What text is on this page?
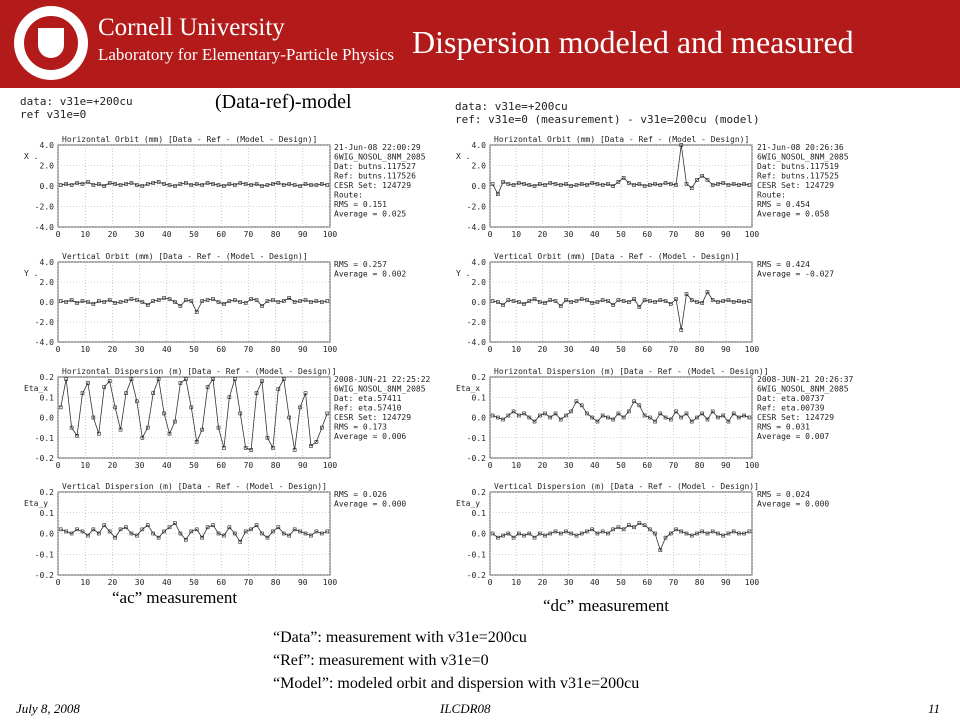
Cornell University
Laboratory for Elementary-Particle Physics Dispersion modeled and measured
data: v31e=+200cu
ref v31e=0
(Data-ref)-model	data: v31e=+200cu
ref: v31e=0 (measurement) - v31e=200cu (model)
Horizontal Orbit (mm) [Data - Ref - (Model - Design)]
0 10 20 30 40 50 60 70 80 90 100
4.0
2.0
0.0
-2.0
-4.0
X .
21-Jun-08 22:00:29
6WIG_NOSOL_8NM_2085
Dat: butns.117527
Ref: butns.117526
CESR Set: 124729
Route:
RMS = 0.151
Average = 0.025
Vertical Orbit (mm) [Data - Ref - (Model - Design)]
0 10 20 30 40 50 60 70 80 90 100
4.0
2.0
0.0
-2.0
-4.0
Y .
RMS = 0.257
Average = 0.002
Horizontal Dispersion (m) [Data - Ref - (Model - Design)]
0 10 20 30 40 50 60 70 80 90 100
0.2
0.1
0.0
-0.1
-0.2
Eta_x
2008-JUN-21 22:25:22
6WIG_NOSOL_8NM_2085
Dat: eta.57411
Ref: eta.57410
CESR Set: 124729
RMS = 0.173
Average = 0.006
Vertical Dispersion (m) [Data - Ref - (Model - Design)]
0 10 20 30 40 50 60 70 80 90 100
0.2
0.1
0.0
-0.1
-0.2
Eta_y
RMS = 0.026
Average = 0.000
Horizontal Orbit (mm) [Data - Ref - (Model - Design)]
0 10 20 30 40 50 60 70 80 90 100
4.0
2.0
0.0
-2.0
-4.0
X .
21-Jun-08 20:26:36
6WIG_NOSOL_8NM_2085
Dat: butns.117519
Ref: butns.117525
CESR Set: 124729
Route:
RMS = 0.454
Average = 0.058
Vertical Orbit (mm) [Data - Ref - (Model - Design)]
0 10 20 30 40 50 60 70 80 90 100
4.0
2.0
0.0
-2.0
-4.0
Y .
RMS = 0.424
Average = -0.027
Horizontal Dispersion (m) [Data - Ref - (Model - Design)]
0 10 20 30 40 50 60 70 80 90 100
0.2
0.1
0.0
-0.1
-0.2
Eta_x
2008-JUN-21 20:26:37
6WIG_NOSOL_8NM_2085
Dat: eta.00737
Ref: eta.00739
CESR Set: 124729
RMS = 0.031
Average = 0.007
Vertical Dispersion (m) [Data - Ref - (Model - Design)]
0 10 20 30 40 50 60 70 80 90 100
0.2
0.1
0.0
-0.1
-0.2
Eta_y
RMS = 0.024
Average = 0.000
“ac” measurement	“dc” measurement
“Data”: measurement with v31e=200cu
“Ref”: measurement with v31e=0
“Model”: modeled orbit and dispersion with v31e=200cu
July 8, 2008	ILCDR08	11
